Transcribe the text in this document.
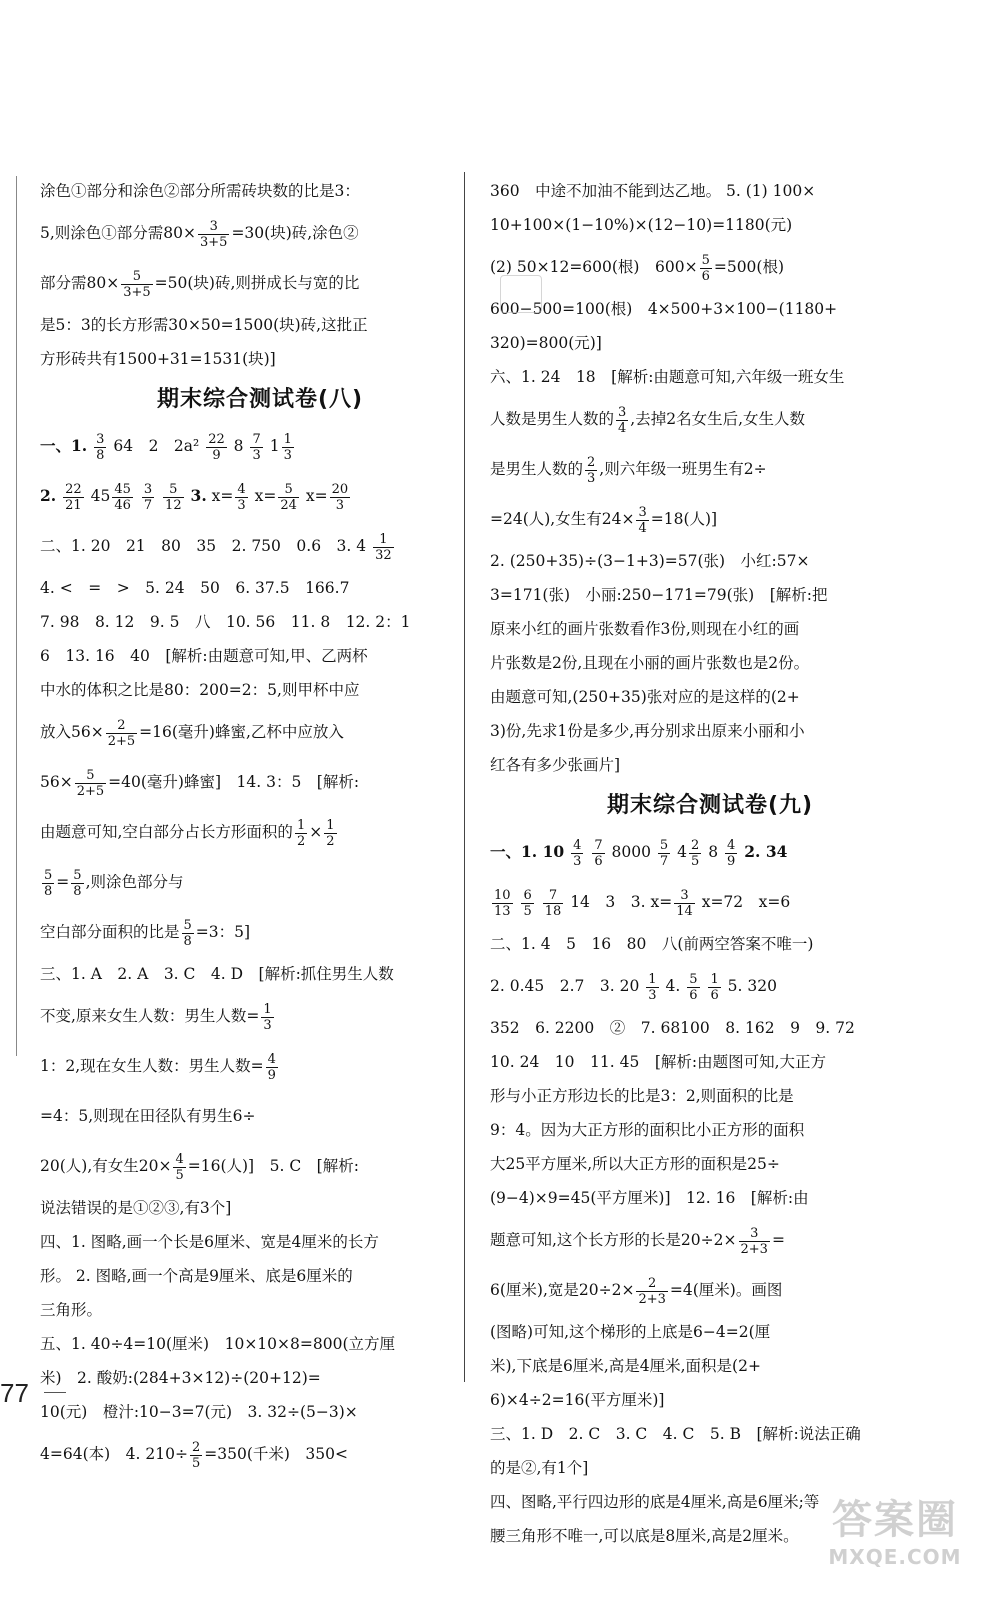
涂色①部分和涂色②部分所需砖块数的比是3：
5,则涂色①部分需$80\times \frac{3}{3+5} =30$(块)砖,涂色②
部分需$80\times \frac{5}{3+5} =50$(块)砖,则拼成长与宽的比
是5：3的长方形需30×50=1500(块)砖,这批正
方形砖共有1500+31=1531(块)]
期末综合测试卷(八)
一、1. $\frac{3}{8} 64$　2　$2a^2 \frac{22}{9} 8 \frac{7}{3} 1 \frac{1}{3}$
2. $\frac{22}{21} 45 \frac{45}{46}$
$\frac{3}{7}$
$\frac{5}{12} 3$. $x= \frac{4}{3} x= \frac{5}{24} x= \frac{20}{3}$
二、1. 20　21　80　35　2. 750　0.6　3. $4 \frac{1}{32}$
4. <　=　>　5. 24　50　6. 37.5　166.7
7. 98　8. 12　9. 5　八　10. 56　11. 8　12. 2：1
6　13. 16　40　[解析:由题意可知,甲、乙两杯
中水的体积之比是80：200=2：5,则甲杯中应
放入$56\times \frac{2}{2+5} =16$(毫升)蜂蜜,乙杯中应放入
$56\times \frac{5}{2+5} =40$(毫升)蜂蜜]　14. 3：5　[解析:
由题意可知,空白部分占长方形面积的 $\frac{1}{2} \times \frac{1}{2}$
$\frac{5}{8} = \frac{5}{8}$ ,则涂色部分与
空白部分面积的比是 $\frac{5}{8} =3$：5]
三、1. A　2. A　3. C　4. D　[解析:抓住男生人数
不变,原来女生人数：男生人数= $\frac{1}{3}$
1：2,现在女生人数：男生人数= $\frac{4}{9}$
=4：5,则现在田径队有男生6÷
20(人),有女生$20\times \frac{4}{5} =16$(人)]　5. C　[解析:
说法错误的是①②③,有3个]
四、1. 图略,画一个长是6厘米、宽是4厘米的长方
形。 2. 图略,画一个高是9厘米、底是6厘米的
三角形。
五、1. 40÷4=10(厘米)　10×10×8=800(立方厘
米)　2. 酸奶:(284+3×12)÷(20+12)=
10(元)　橙汁:10−3=7(元)　3. 32÷(5−3)×
4=64(本)　4. $210\div \frac{2}{5} =350$(千米)　350<
360　中途不加油不能到达乙地。 5. (1) 100×
10+100×(1−10%)×(12−10)=1180(元)
(2) 50×12=600(根)　$600\times \frac{5}{6} =500$(根)
600−500=100(根)　4×500+3×100−(1180+
320)=800(元)]
六、1. 24　18　[解析:由题意可知,六年级一班女生
人数是男生人数的 $\frac{3}{4}$ ,去掉2名女生后,女生人数
是男生人数的 $\frac{2}{3}$ ,则六年级一班男生有2÷
=24(人),女生有$24\times \frac{3}{4} =18$(人)]
2. (250+35)÷(3−1+3)=57(张)　小红:57×
3=171(张)　小丽:250−171=79(张)　[解析:把
原来小红的画片张数看作3份,则现在小红的画
片张数是2份,且现在小丽的画片张数也是2份。
由题意可知,(250+35)张对应的是这样的(2+
3)份,先求1份是多少,再分别求出原来小丽和小
红各有多少张画片]
期末综合测试卷(九)
一、1. $10 \frac{4}{3}$
$\frac{7}{6} 8000 \frac{5}{7} 4 \frac{2}{5} 8 \frac{4}{9} 2$. 34
$\frac{10}{13}$
$\frac{6}{5}$
$\frac{7}{18} 14$　3　3. $x= \frac{3}{14} x=72$　x=6
二、1. 4　5　16　80　八(前两空答案不唯一)
2. 0.45　2.7　3. $20 \frac{1}{3} 4$. $\frac{5}{6}$
$\frac{1}{6} 5$. 320
352　6. 2200　②　7. 68100　8. 162　9　9. 72
10. 24　10　11. 45　[解析:由题图可知,大正方
形与小正方形边长的比是3：2,则面积的比是
9：4。因为大正方形的面积比小正方形的面积
大25平方厘米,所以大正方形的面积是25÷
(9−4)×9=45(平方厘米)]　12. 16　[解析:由
题意可知,这个长方形的长是$20\div 2\times \frac{3}{2+3}$ =
6(厘米),宽是$20\div 2\times \frac{2}{2+3} =4$(厘米)。画图
(图略)可知,这个梯形的上底是6−4=2(厘
米),下底是6厘米,高是4厘米,面积是(2+
6)×4÷2=16(平方厘米)]
三、1. D　2. C　3. C　4. C　5. B　[解析:说法正确
的是②,有1个]
四、图略,平行四边形的底是4厘米,高是6厘米;等
腰三角形不唯一,可以底是8厘米,高是2厘米。
77
答案圈
MXQE.COM
